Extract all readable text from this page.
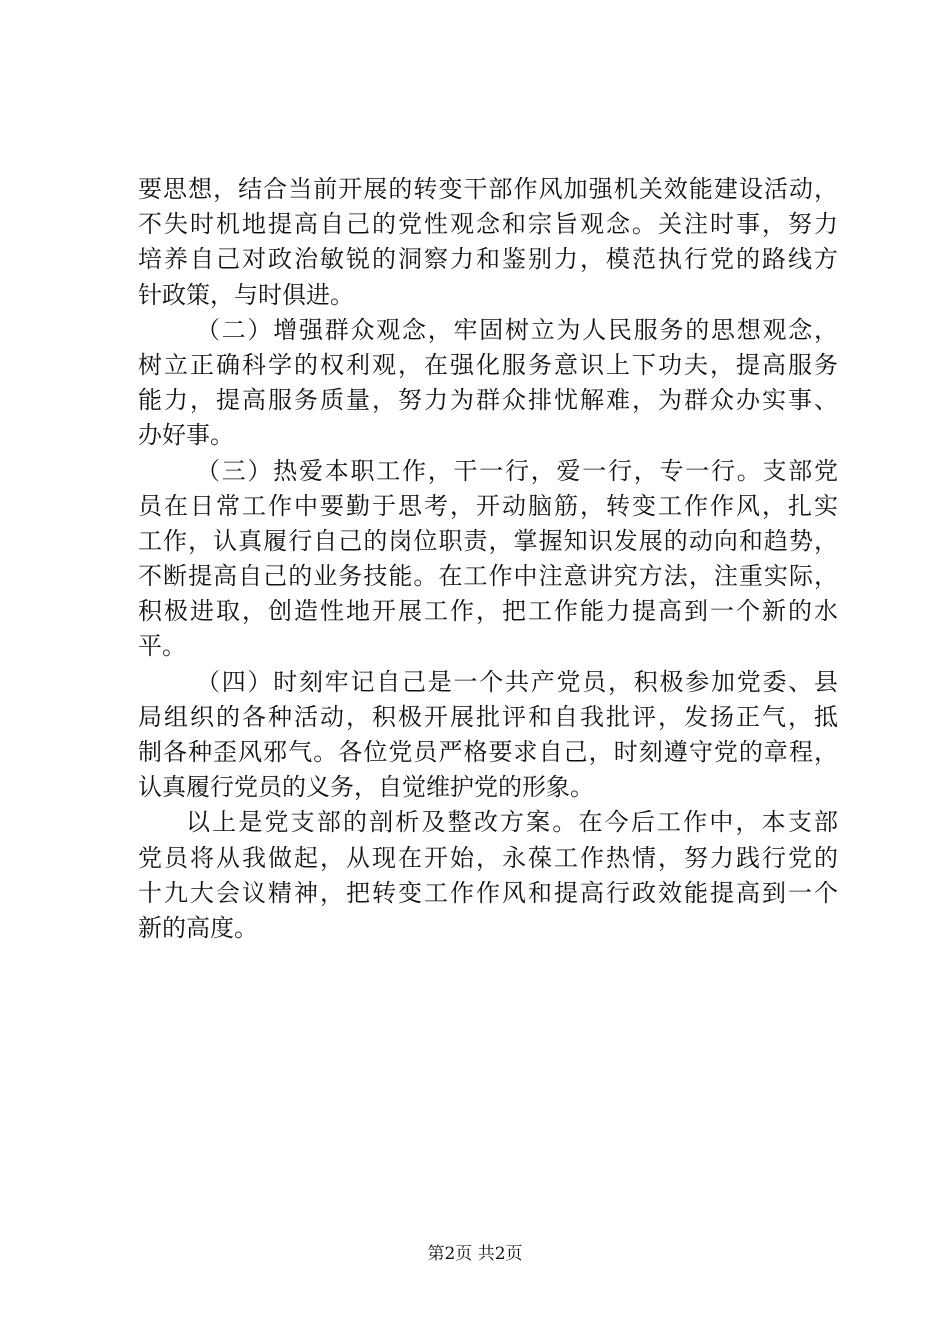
要思想，结合当前开展的转变干部作风加强机关效能建设活动，
不失时机地提高自己的党性观念和宗旨观念。关注时事，努力
培养自己对政治敏锐的洞察力和鉴别力，模范执行党的路线方
针政策，与时俱进。
（二）增强群众观念，牢固树立为人民服务的思想观念，
树立正确科学的权利观，在强化服务意识上下功夫，提高服务
能力，提高服务质量，努力为群众排忧解难，为群众办实事、
办好事。
（三）热爱本职工作，干一行，爱一行，专一行。支部党
员在日常工作中要勤于思考，开动脑筋，转变工作作风，扎实
工作，认真履行自己的岗位职责，掌握知识发展的动向和趋势，
不断提高自己的业务技能。在工作中注意讲究方法，注重实际，
积极进取，创造性地开展工作，把工作能力提高到一个新的水
平。
（四）时刻牢记自己是一个共产党员，积极参加党委、县
局组织的各种活动，积极开展批评和自我批评，发扬正气，抵
制各种歪风邪气。各位党员严格要求自己，时刻遵守党的章程，
认真履行党员的义务，自觉维护党的形象。
以上是党支部的剖析及整改方案。在今后工作中，本支部
党员将从我做起，从现在开始，永葆工作热情，努力践行党的
十九大会议精神，把转变工作作风和提高行政效能提高到一个
新的高度。
第2页 共2页
